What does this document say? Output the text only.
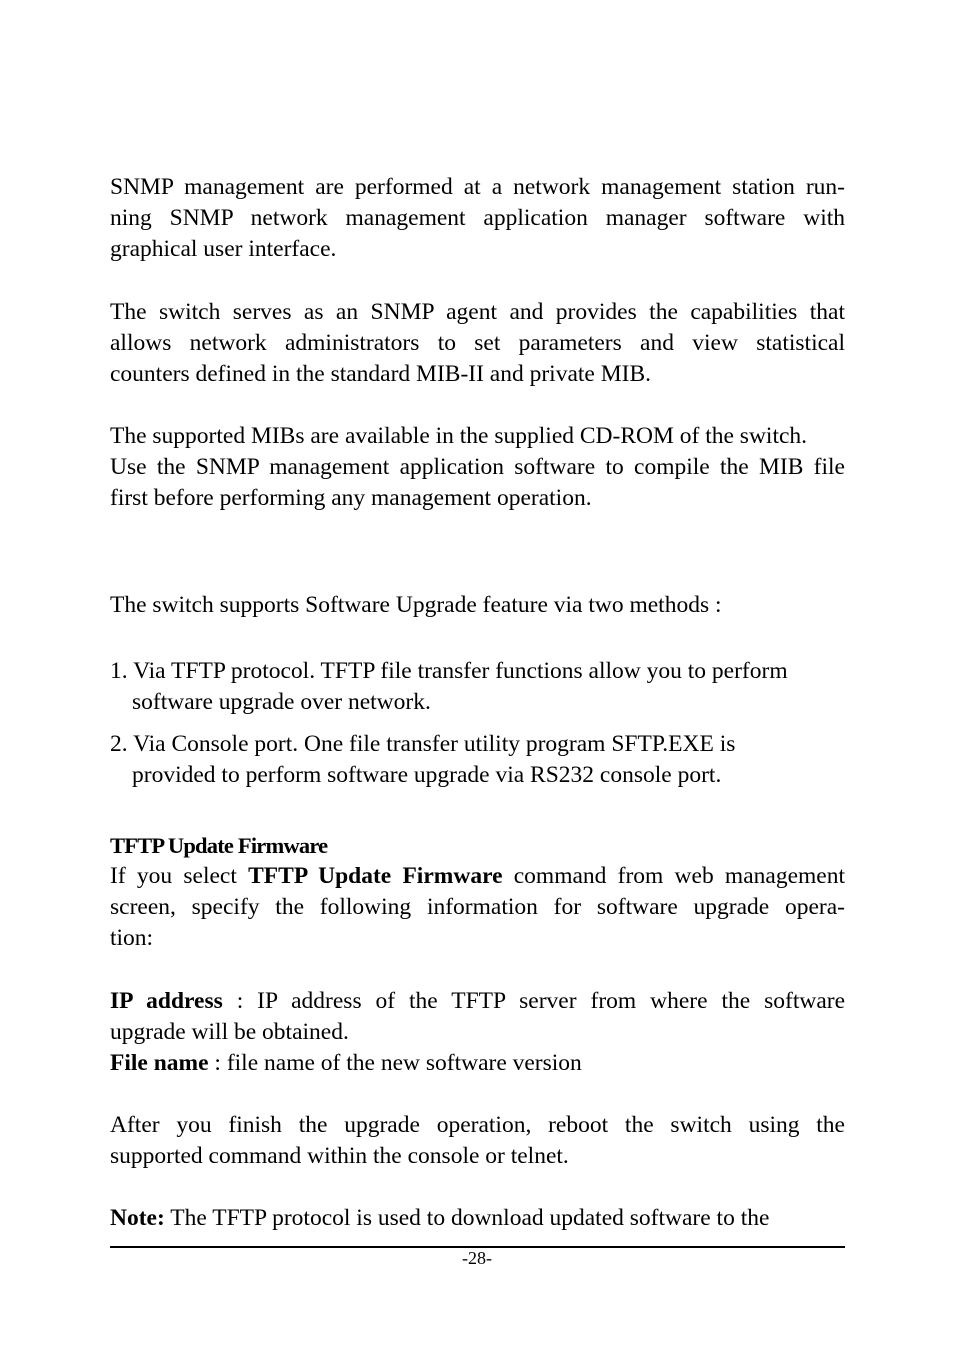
SNMP management are performed at a network management station run-
ning SNMP network management application manager software with
graphical user interface.
The switch serves as an SNMP agent and provides the capabilities that
allows network administrators to set parameters and view statistical
counters defined in the standard MIB-II and private MIB.
The supported MIBs are available in the supplied CD-ROM of the switch.
Use the SNMP management application software to compile the MIB file
first before performing any management operation.
The switch supports Software Upgrade feature via two methods :
1. Via TFTP protocol. TFTP file transfer functions allow you to perform
software upgrade over network.
2. Via Console port. One file transfer utility program SFTP.EXE is
provided to perform software upgrade via RS232 console port.
TFTP Update Firmware
If you select TFTP Update Firmware command from web management
screen, specify the following information for software upgrade opera-
tion:
IP address : IP address of the TFTP server from where the software
upgrade will be obtained.
File name : file name of the new software version
After you finish the upgrade operation, reboot the switch using the
supported command within the console or telnet.
Note: The TFTP protocol is used to download updated software to the
-28-
